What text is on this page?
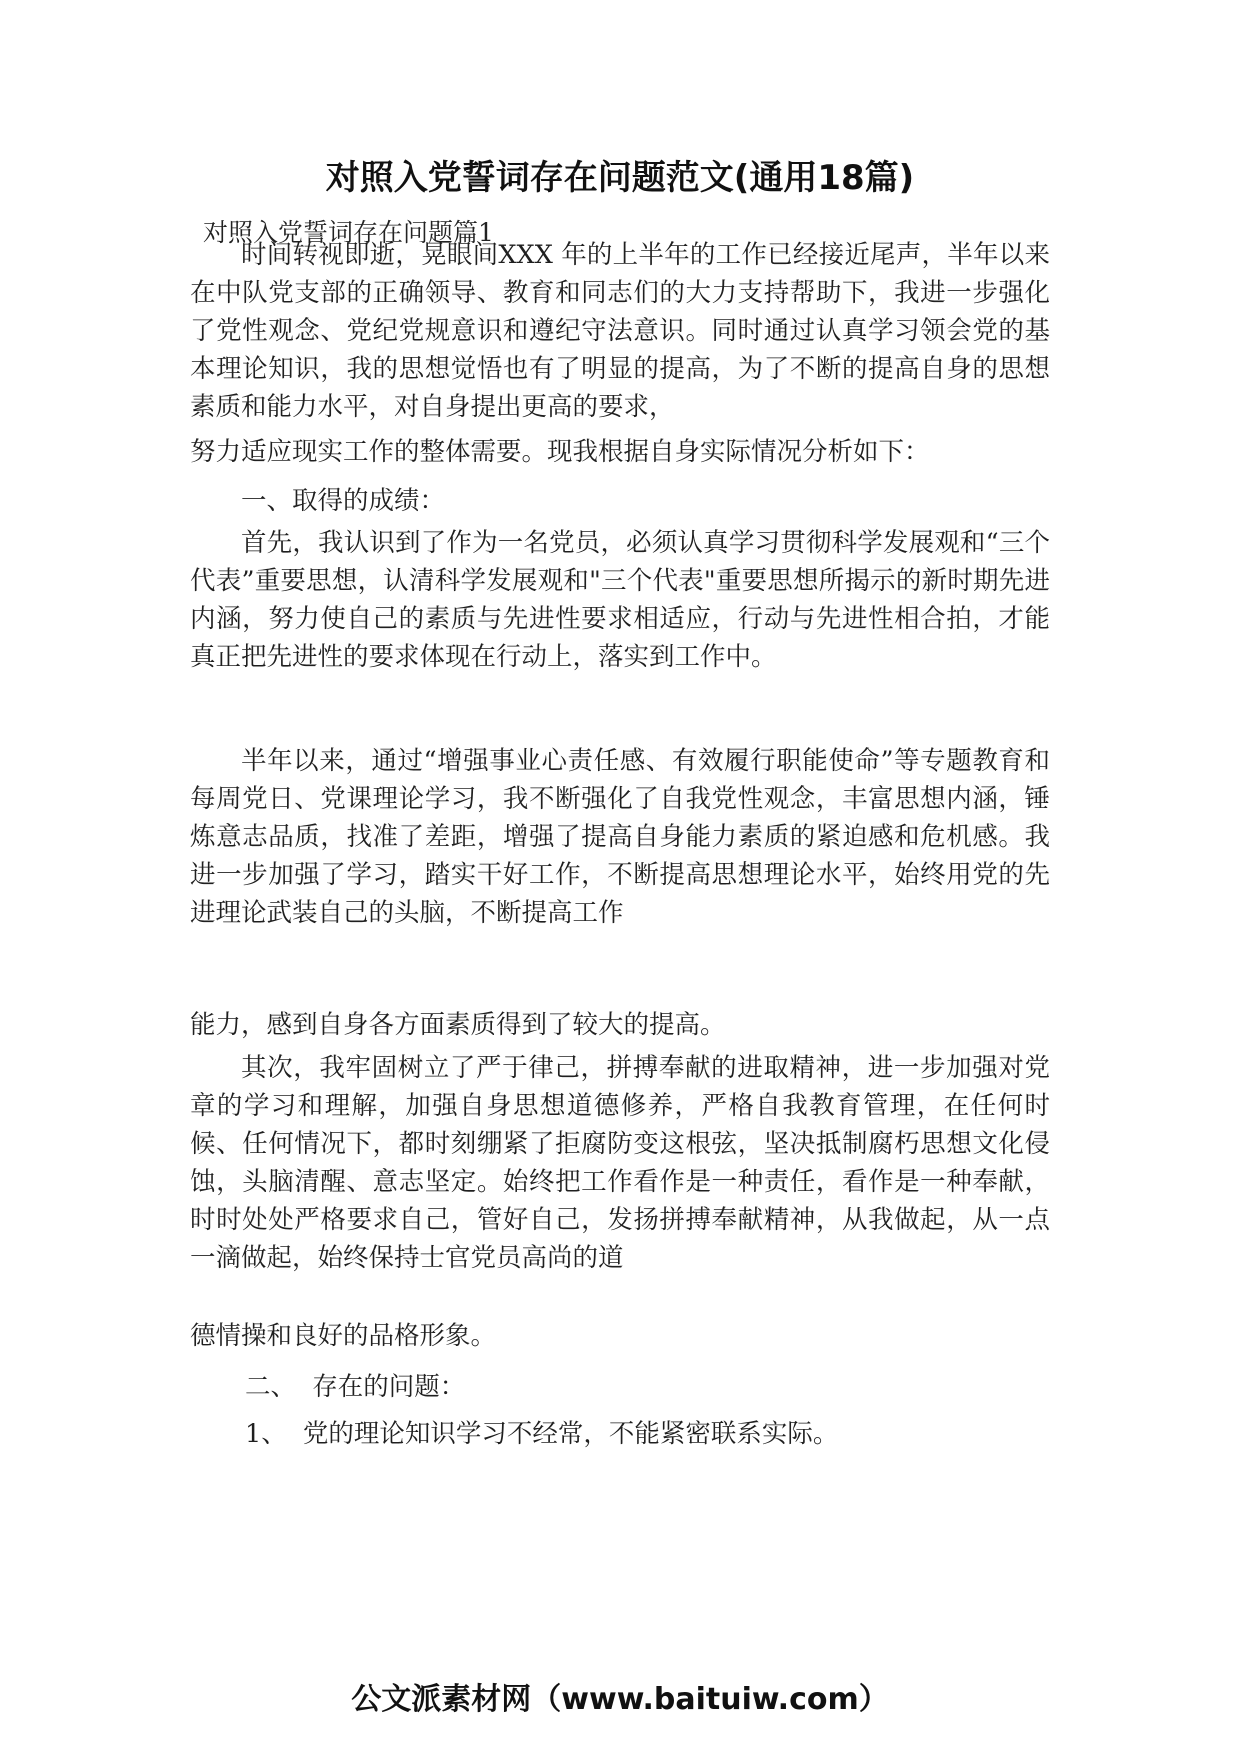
对照入党誓词存在问题范文(通用18篇)
对照入党誓词存在问题篇1

时间转视即逝，晃眼间XXX 年的上半年的工作已经接近尾声，半年以来在中队党支部的正确领导、教育和同志们的大力支持帮助下，我进一步强化了党性观念、党纪党规意识和遵纪守法意识。同时通过认真学习领会党的基本理论知识，我的思想觉悟也有了明显的提高，为了不断的提高自身的思想素质和能力水平，对自身提出更高的要求，

努力适应现实工作的整体需要。现我根据自身实际情况分析如下：
一、取得的成绩：

首先，我认识到了作为一名党员，必须认真学习贯彻科学发展观和“三个代表”重要思想，认清科学发展观和"三个代表"重要思想所揭示的新时期先进内涵，努力使自己的素质与先进性要求相适应，行动与先进性相合拍，才能真正把先进性的要求体现在行动上，落实到工作中。

半年以来，通过“增强事业心责任感、有效履行职能使命”等专题教育和每周党日、党课理论学习，我不断强化了自我党性观念，丰富思想内涵，锤炼意志品质，找准了差距，增强了提高自身能力素质的紧迫感和危机感。我进一步加强了学习，踏实干好工作，不断提高思想理论水平，始终用党的先进理论武装自己的头脑，不断提高工作

能力，感到自身各方面素质得到了较大的提高。

其次，我牢固树立了严于律己，拼搏奉献的进取精神，进一步加强对党章的学习和理解，加强自身思想道德修养，严格自我教育管理，在任何时候、任何情况下，都时刻绷紧了拒腐防变这根弦，坚决抵制腐朽思想文化侵蚀，头脑清醒、意志坚定。始终把工作看作是一种责任，看作是一种奉献，时时处处严格要求自己，管好自己，发扬拼搏奉献精神，从我做起，从一点一滴做起，始终保持士官党员高尚的道

德情操和良好的品格形象。
二、  存在的问题：
1、  党的理论知识学习不经常，不能紧密联系实际。
公文派素材网（www.baituiw.com）
